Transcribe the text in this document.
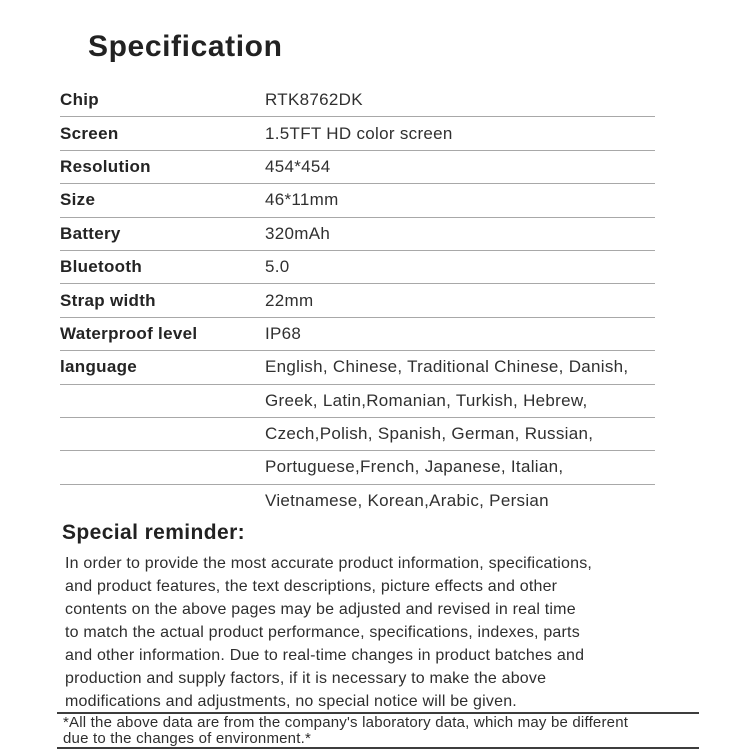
Specification
Chip	RTK8762DK
Screen	1.5TFT HD color screen
Resolution	454*454
Size	46*11mm
Battery	320mAh
Bluetooth	5.0
Strap width	22mm
Waterproof level	IP68
language	English, Chinese, Traditional Chinese, Danish,
Greek, Latin,Romanian, Turkish, Hebrew,
Czech,Polish, Spanish, German, Russian,
Portuguese,French, Japanese, Italian,
Vietnamese, Korean,Arabic, Persian
Special reminder:
In order to provide the most accurate product information, specifications,
and product features, the text descriptions, picture effects and other
contents on the above pages may be adjusted and revised in real time
to match the actual product performance, specifications, indexes, parts
and other information. Due to real-time changes in product batches and
production and supply factors, if it is necessary to make the above
modifications and adjustments, no special notice will be given.
*All the above data are from the company's laboratory data, which may be different
due to the changes of environment.*
